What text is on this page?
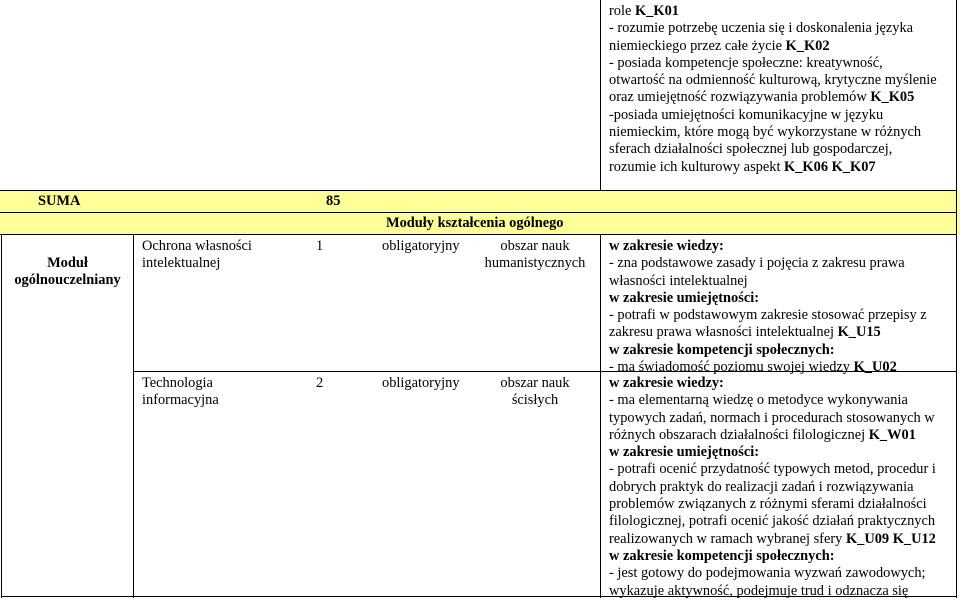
role K_K01
- rozumie potrzebę uczenia się i doskonalenia języka
niemieckiego przez całe życie K_K02
- posiada kompetencje społeczne: kreatywność,
otwartość na odmienność kulturową, krytyczne myślenie
oraz umiejętność rozwiązywania problemów K_K05
-posiada umiejętności komunikacyjne w języku
niemieckim, które mogą być wykorzystane w różnych
sferach działalności społecznej lub gospodarczej,
rozumie ich kulturowy aspekt K_K06 K_K07
SUMA	85
Moduły kształcenia ogólnego
Moduł
ogólnouczelniany
Ochrona własności
intelektualnej
1	obligatoryjny	obszar nauk
humanistycznych
w zakresie wiedzy:
- zna podstawowe zasady i pojęcia z zakresu prawa
własności intelektualnej
w zakresie umiejętności:
- potrafi w podstawowym zakresie stosować przepisy z
zakresu prawa własności intelektualnej K_U15
w zakresie kompetencji społecznych:
- ma świadomość poziomu swojej wiedzy K_U02
Technologia
informacyjna
2	obligatoryjny	obszar nauk
ścisłych
w zakresie wiedzy:
- ma elementarną wiedzę o metodyce wykonywania
typowych zadań, normach i procedurach stosowanych w
różnych obszarach działalności filologicznej K_W01
w zakresie umiejętności:
- potrafi ocenić przydatność typowych metod, procedur i
dobrych praktyk do realizacji zadań i rozwiązywania
problemów związanych z różnymi sferami działalności
filologicznej, potrafi ocenić jakość działań praktycznych
realizowanych w ramach wybranej sfery K_U09 K_U12
w zakresie kompetencji społecznych:
- jest gotowy do podejmowania wyzwań zawodowych;
wykazuje aktywność, podejmuje trud i odznacza się
